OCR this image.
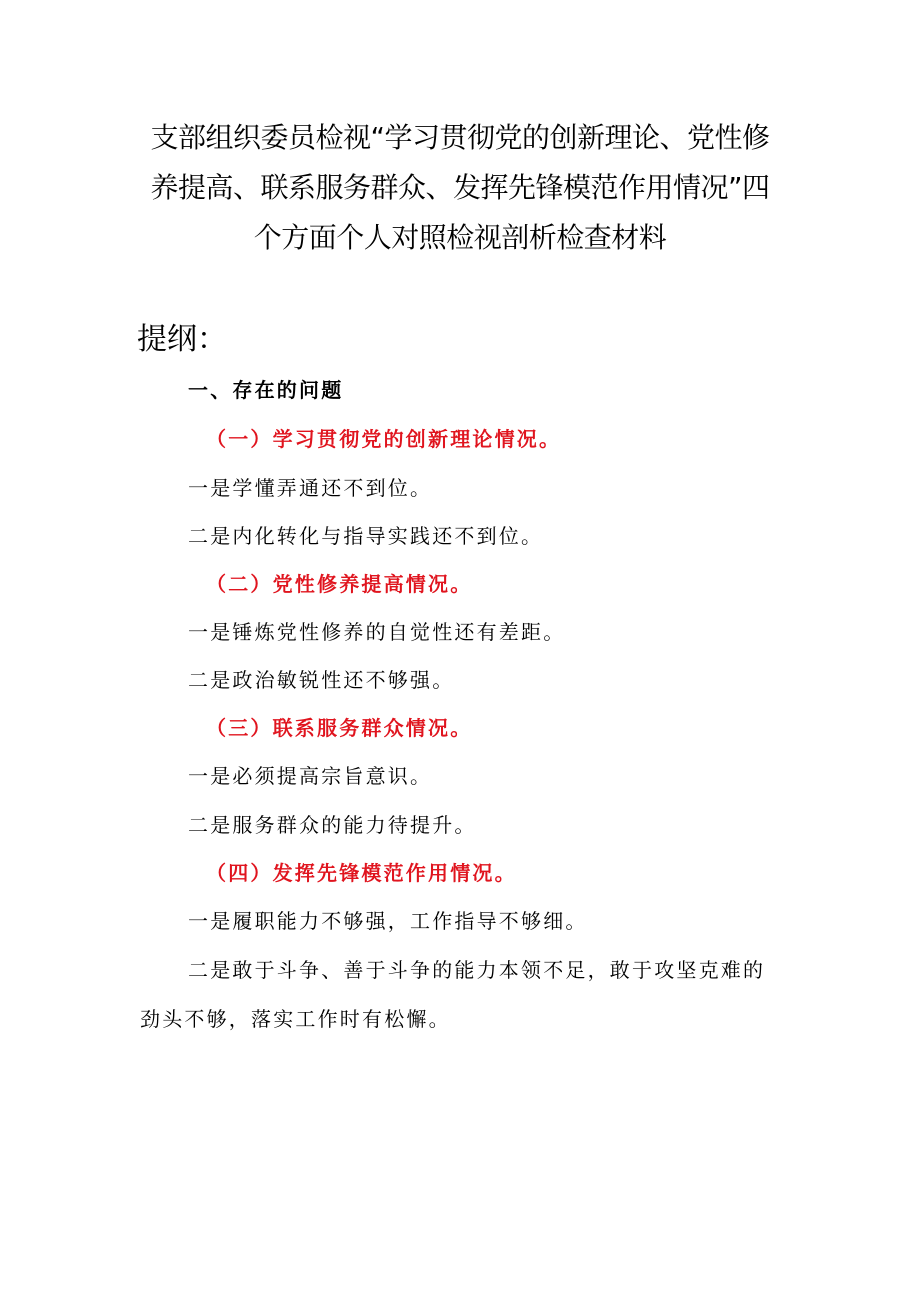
支部组织委员检视“学习贯彻党的创新理论、党性修
养提高、联系服务群众、发挥先锋模范作用情况”四
个方面个人对照检视剖析检查材料
提纲：
一、存在的问题
（一）学习贯彻党的创新理论情况。
一是学懂弄通还不到位。
二是内化转化与指导实践还不到位。
（二）党性修养提高情况。
一是锤炼党性修养的自觉性还有差距。
二是政治敏锐性还不够强。
（三）联系服务群众情况。
一是必须提高宗旨意识。
二是服务群众的能力待提升。
（四）发挥先锋模范作用情况。
一是履职能力不够强，工作指导不够细。
二是敢于斗争、善于斗争的能力本领不足，敢于攻坚克难的
劲头不够，落实工作时有松懈。
